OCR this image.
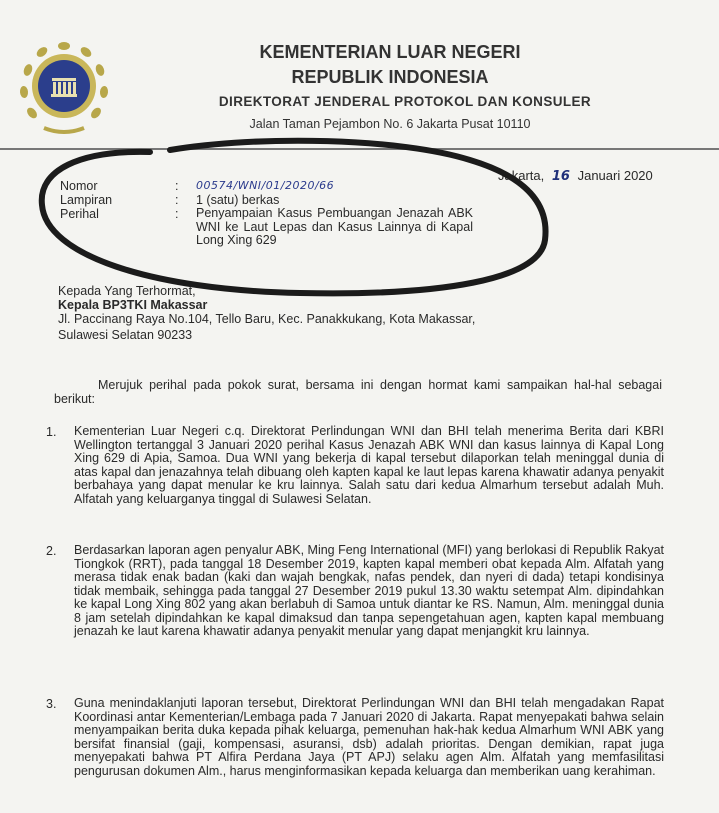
KEMENTERIAN LUAR NEGERI
REPUBLIK INDONESIA
DIREKTORAT JENDERAL PROTOKOL DAN KONSULER
Jalan Taman Pejambon No. 6 Jakarta Pusat 10110
Jakarta, 16 Januari 2020
Nomor	: 00574/WNI/01/2020/66
Lampiran	: 1 (satu) berkas
Perihal	: Penyampaian Kasus Pembuangan Jenazah ABK WNI ke Laut Lepas dan Kasus Lainnya di Kapal Long Xing 629
Kepada Yang Terhormat,
Kepala BP3TKI Makassar
Jl. Paccinang Raya No.104, Tello Baru, Kec. Panakkukang, Kota Makassar,
Sulawesi Selatan 90233
Merujuk perihal pada pokok surat, bersama ini dengan hormat kami sampaikan hal-hal sebagai berikut:
1. Kementerian Luar Negeri c.q. Direktorat Perlindungan WNI dan BHI telah menerima Berita dari KBRI Wellington tertanggal 3 Januari 2020 perihal Kasus Jenazah ABK WNI dan kasus lainnya di Kapal Long Xing 629 di Apia, Samoa. Dua WNI yang bekerja di kapal tersebut dilaporkan telah meninggal dunia di atas kapal dan jenazahnya telah dibuang oleh kapten kapal ke laut lepas karena khawatir adanya penyakit berbahaya yang dapat menular ke kru lainnya. Salah satu dari kedua Almarhum tersebut adalah Muh. Alfatah yang keluarganya tinggal di Sulawesi Selatan.
2. Berdasarkan laporan agen penyalur ABK, Ming Feng International (MFI) yang berlokasi di Republik Rakyat Tiongkok (RRT), pada tanggal 18 Desember 2019, kapten kapal memberi obat kepada Alm. Alfatah yang merasa tidak enak badan (kaki dan wajah bengkak, nafas pendek, dan nyeri di dada) tetapi kondisinya tidak membaik, sehingga pada tanggal 27 Desember 2019 pukul 13.30 waktu setempat Alm. dipindahkan ke kapal Long Xing 802 yang akan berlabuh di Samoa untuk diantar ke RS. Namun, Alm. meninggal dunia 8 jam setelah dipindahkan ke kapal dimaksud dan tanpa sepengetahuan agen, kapten kapal membuang jenazah ke laut karena khawatir adanya penyakit menular yang dapat menjangkit kru lainnya.
3. Guna menindaklanjuti laporan tersebut, Direktorat Perlindungan WNI dan BHI telah mengadakan Rapat Koordinasi antar Kementerian/Lembaga pada 7 Januari 2020 di Jakarta. Rapat menyepakati bahwa selain menyampaikan berita duka kepada pihak keluarga, pemenuhan hak-hak kedua Almarhum WNI ABK yang bersifat finansial (gaji, kompensasi, asuransi, dsb) adalah prioritas. Dengan demikian, rapat juga menyepakati bahwa PT Alfira Perdana Jaya (PT APJ) selaku agen Alm. Alfatah yang memfasilitasi pengurusan dokumen Alm., harus menginformasikan kepada keluarga dan memberikan uang kerahiman.
